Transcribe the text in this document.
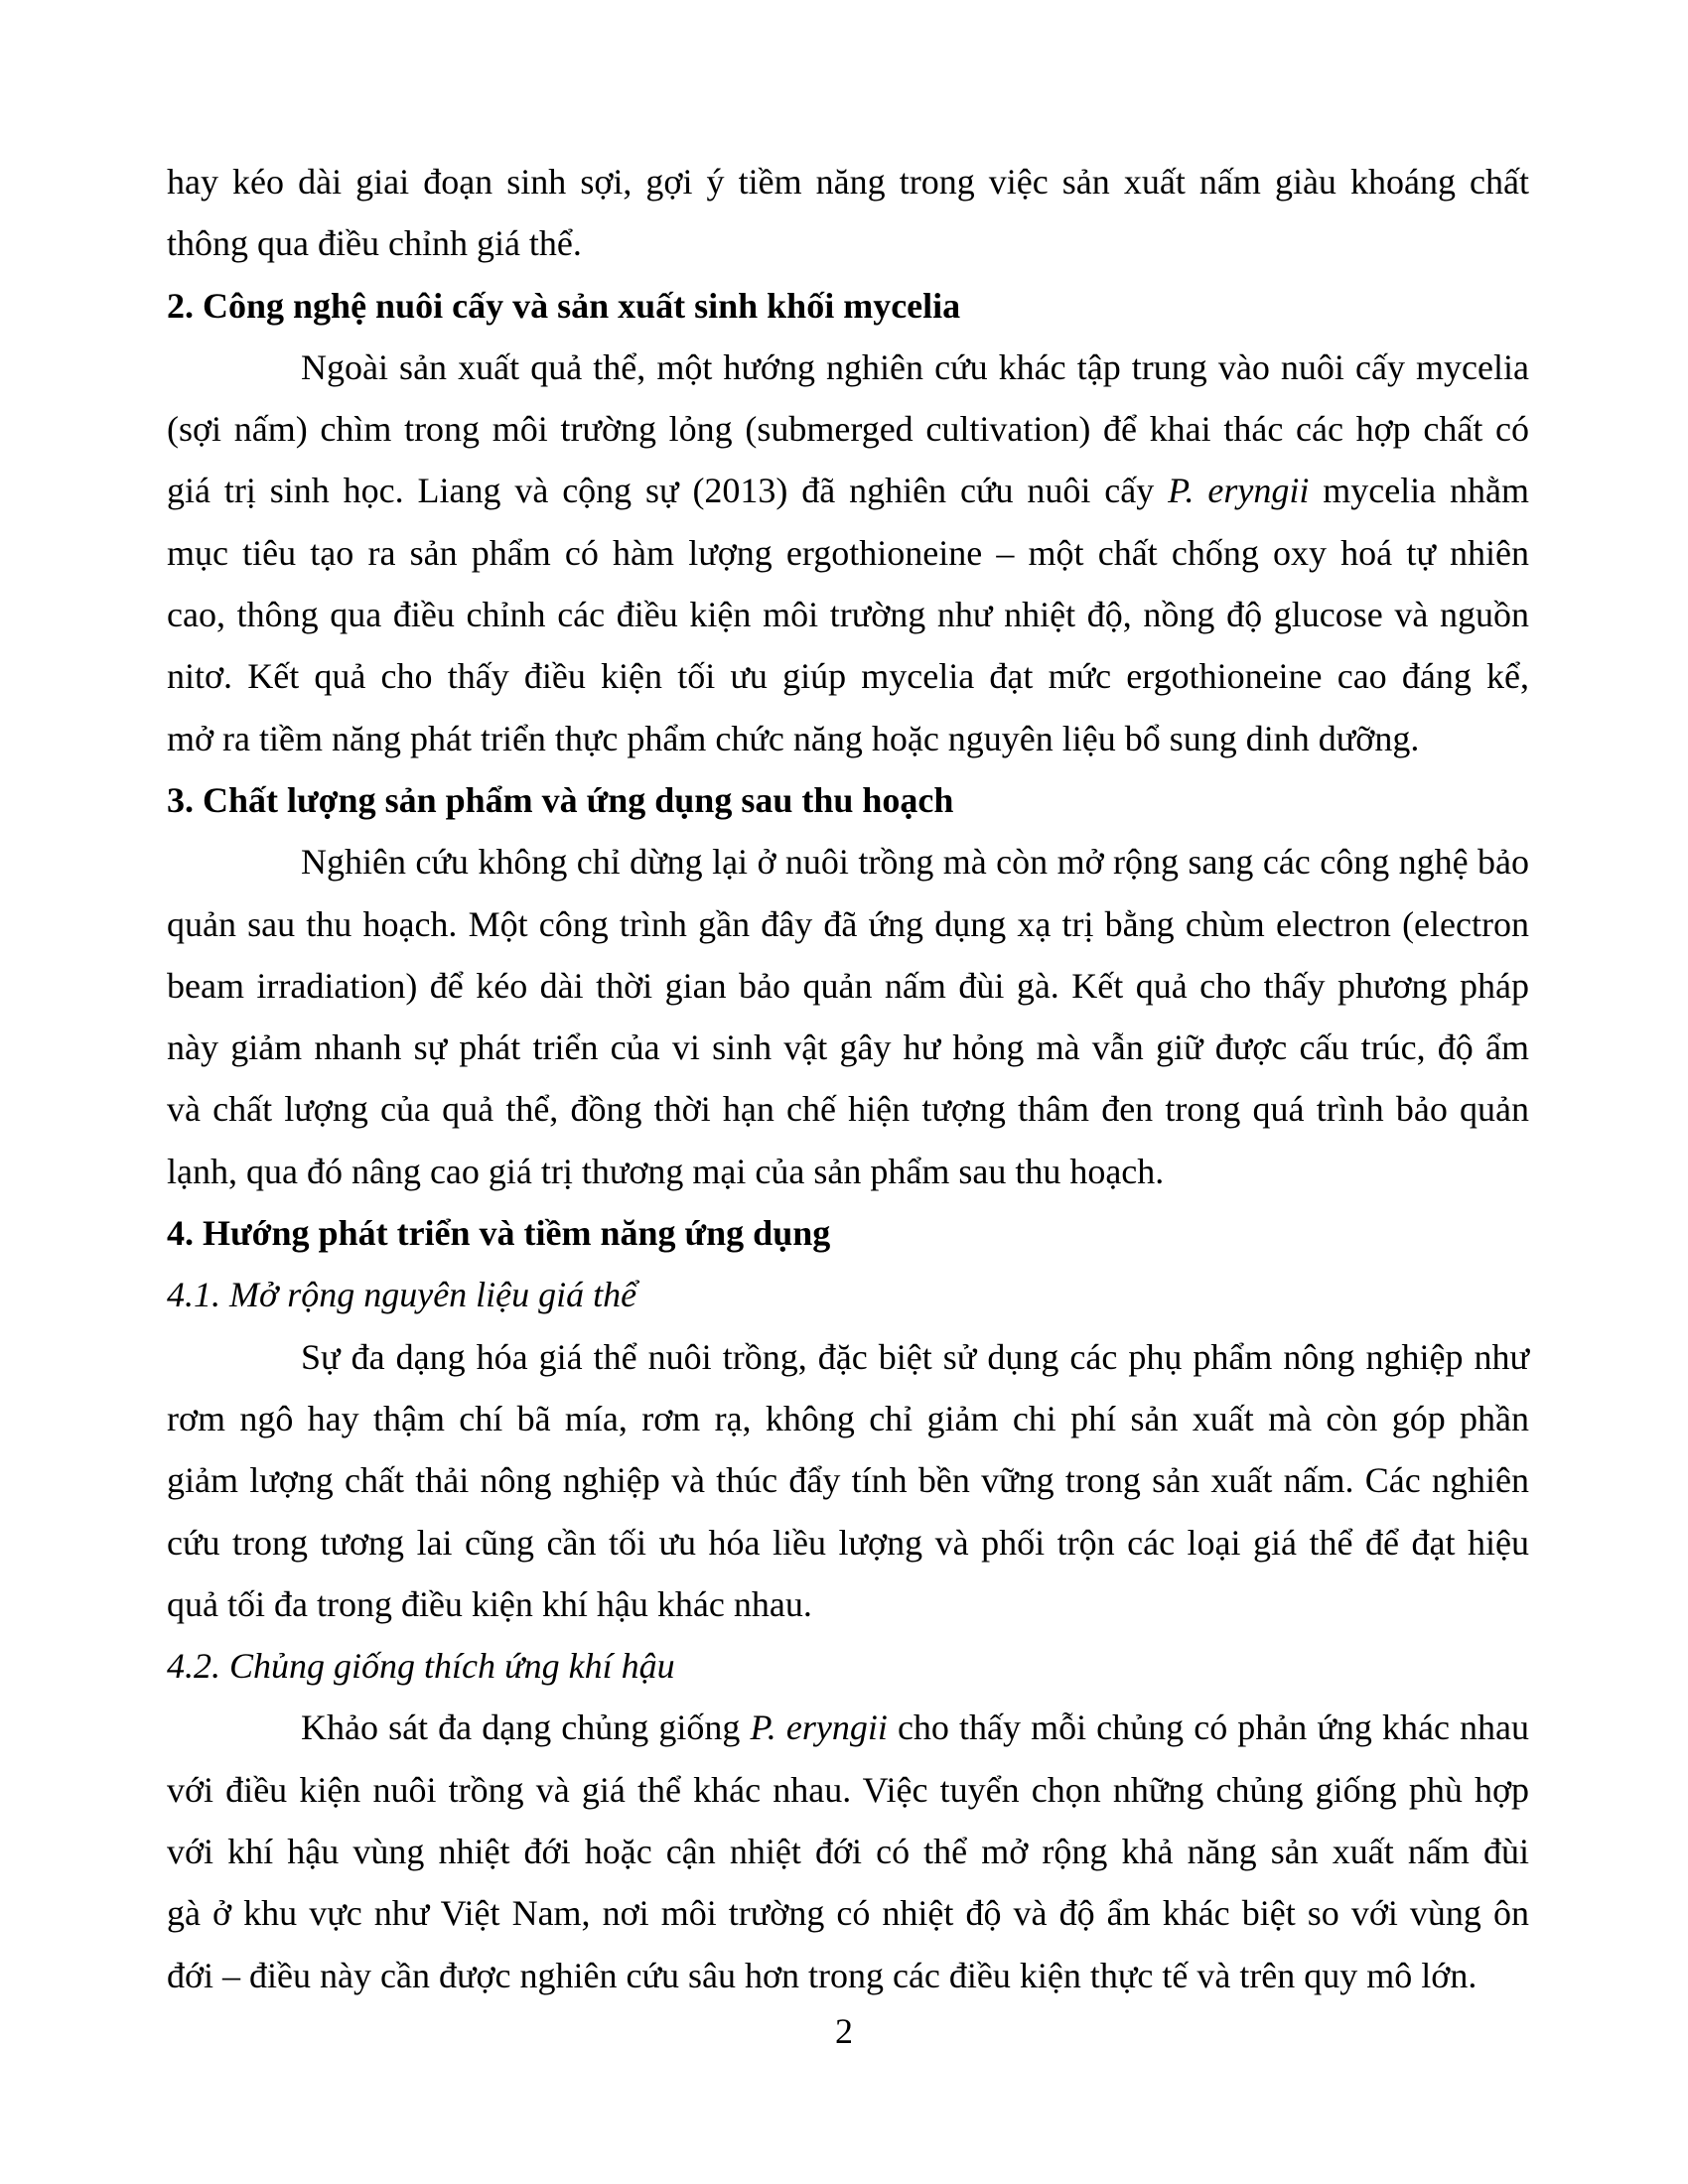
hay kéo dài giai đoạn sinh sợi, gợi ý tiềm năng trong việc sản xuất nấm giàu khoáng chất
thông qua điều chỉnh giá thể.
2. Công nghệ nuôi cấy và sản xuất sinh khối mycelia
Ngoài sản xuất quả thể, một hướng nghiên cứu khác tập trung vào nuôi cấy mycelia
(sợi nấm) chìm trong môi trường lỏng (submerged cultivation) để khai thác các hợp chất có
giá trị sinh học. Liang và cộng sự (2013) đã nghiên cứu nuôi cấy P. eryngii mycelia nhằm
mục tiêu tạo ra sản phẩm có hàm lượng ergothioneine – một chất chống oxy hoá tự nhiên
cao, thông qua điều chỉnh các điều kiện môi trường như nhiệt độ, nồng độ glucose và nguồn
nitơ. Kết quả cho thấy điều kiện tối ưu giúp mycelia đạt mức ergothioneine cao đáng kể,
mở ra tiềm năng phát triển thực phẩm chức năng hoặc nguyên liệu bổ sung dinh dưỡng.
3. Chất lượng sản phẩm và ứng dụng sau thu hoạch
Nghiên cứu không chỉ dừng lại ở nuôi trồng mà còn mở rộng sang các công nghệ bảo
quản sau thu hoạch. Một công trình gần đây đã ứng dụng xạ trị bằng chùm electron (electron
beam irradiation) để kéo dài thời gian bảo quản nấm đùi gà. Kết quả cho thấy phương pháp
này giảm nhanh sự phát triển của vi sinh vật gây hư hỏng mà vẫn giữ được cấu trúc, độ ẩm
và chất lượng của quả thể, đồng thời hạn chế hiện tượng thâm đen trong quá trình bảo quản
lạnh, qua đó nâng cao giá trị thương mại của sản phẩm sau thu hoạch.
4. Hướng phát triển và tiềm năng ứng dụng
4.1. Mở rộng nguyên liệu giá thể
Sự đa dạng hóa giá thể nuôi trồng, đặc biệt sử dụng các phụ phẩm nông nghiệp như
rơm ngô hay thậm chí bã mía, rơm rạ, không chỉ giảm chi phí sản xuất mà còn góp phần
giảm lượng chất thải nông nghiệp và thúc đẩy tính bền vững trong sản xuất nấm. Các nghiên
cứu trong tương lai cũng cần tối ưu hóa liều lượng và phối trộn các loại giá thể để đạt hiệu
quả tối đa trong điều kiện khí hậu khác nhau.
4.2. Chủng giống thích ứng khí hậu
Khảo sát đa dạng chủng giống P. eryngii cho thấy mỗi chủng có phản ứng khác nhau
với điều kiện nuôi trồng và giá thể khác nhau. Việc tuyển chọn những chủng giống phù hợp
với khí hậu vùng nhiệt đới hoặc cận nhiệt đới có thể mở rộng khả năng sản xuất nấm đùi
gà ở khu vực như Việt Nam, nơi môi trường có nhiệt độ và độ ẩm khác biệt so với vùng ôn
đới – điều này cần được nghiên cứu sâu hơn trong các điều kiện thực tế và trên quy mô lớn.
2
